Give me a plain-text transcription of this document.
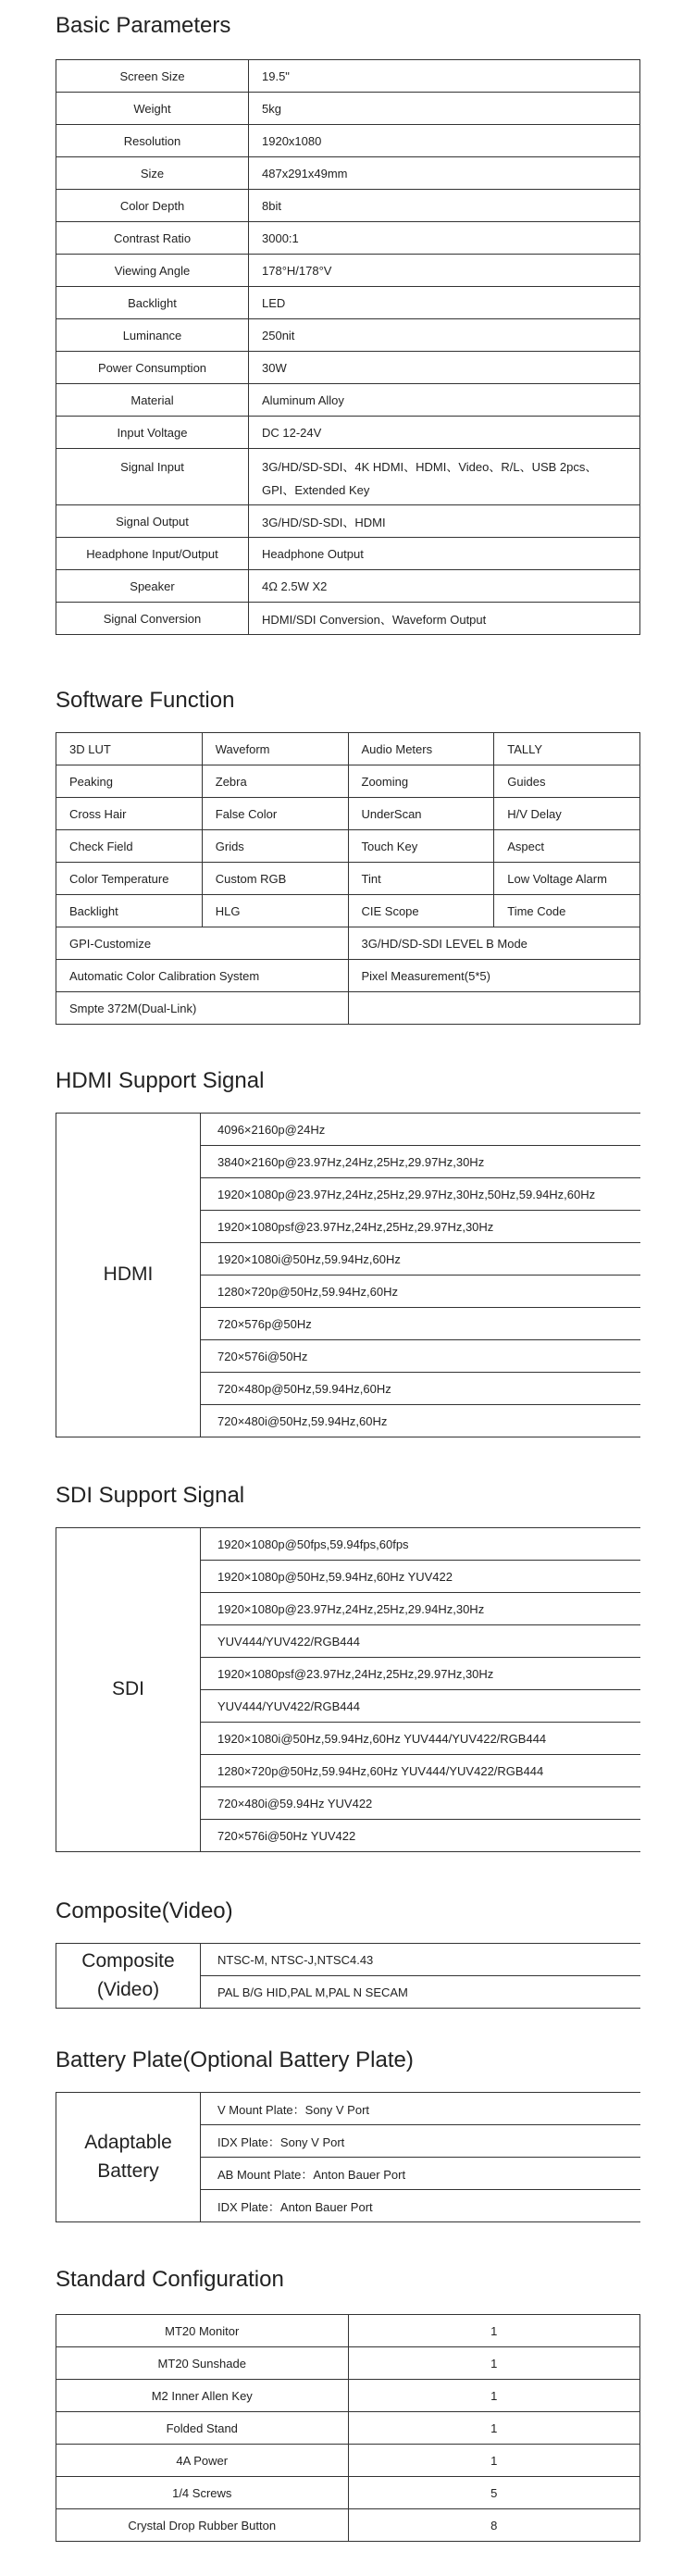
Basic Parameters
Screen Size	19.5"
Weight	5kg
Resolution	1920x1080
Size	487x291x49mm
Color Depth	8bit
Contrast Ratio	3000:1
Viewing Angle	178°H/178°V
Backlight	LED
Luminance	250nit
Power Consumption	30W
Material	Aluminum Alloy
Input Voltage	DC 12-24V
Signal Input	3G/HD/SD-SDI、4K HDMI、HDMI、Video、R/L、USB 2pcs、
GPI、Extended Key
Signal Output	3G/HD/SD-SDI、HDMI
Headphone Input/Output	Headphone Output
Speaker	4Ω 2.5W X2
Signal Conversion	HDMI/SDI Conversion、Waveform Output
Software Function
3D LUT	Waveform	Audio Meters	TALLY
Peaking	Zebra	Zooming	Guides
Cross Hair	False Color	UnderScan	H/V Delay
Check Field	Grids	Touch Key	Aspect
Color Temperature	Custom RGB	Tint	Low Voltage Alarm
Backlight	HLG	CIE Scope	Time Code
GPI-Customize		3G/HD/SD-SDI LEVEL B Mode	
Automatic Color Calibration System		Pixel Measurement(5*5)	
Smpte 372M(Dual-Link)			
HDMI Support Signal
HDMI	4096×2160p@24Hz
3840×2160p@23.97Hz,24Hz,25Hz,29.97Hz,30Hz
1920×1080p@23.97Hz,24Hz,25Hz,29.97Hz,30Hz,50Hz,59.94Hz,60Hz
1920×1080psf@23.97Hz,24Hz,25Hz,29.97Hz,30Hz
1920×1080i@50Hz,59.94Hz,60Hz
1280×720p@50Hz,59.94Hz,60Hz
720×576p@50Hz
720×576i@50Hz
720×480p@50Hz,59.94Hz,60Hz
720×480i@50Hz,59.94Hz,60Hz
SDI Support Signal
SDI	1920×1080p@50fps,59.94fps,60fps
1920×1080p@50Hz,59.94Hz,60Hz YUV422
1920×1080p@23.97Hz,24Hz,25Hz,29.94Hz,30Hz
YUV444/YUV422/RGB444
1920×1080psf@23.97Hz,24Hz,25Hz,29.97Hz,30Hz
YUV444/YUV422/RGB444
1920×1080i@50Hz,59.94Hz,60Hz YUV444/YUV422/RGB444
1280×720p@50Hz,59.94Hz,60Hz YUV444/YUV422/RGB444
720×480i@59.94Hz YUV422
720×576i@50Hz YUV422
Composite(Video)
Composite
(Video)	NTSC-M, NTSC-J,NTSC4.43
PAL B/G HID,PAL M,PAL N SECAM
Battery Plate(Optional Battery Plate)
Adaptable
Battery	V Mount Plate：Sony V Port
IDX Plate：Sony V Port
AB Mount Plate：Anton Bauer Port
IDX Plate：Anton Bauer Port
Standard Configuration
MT20 Monitor	1
MT20 Sunshade	1
M2 Inner Allen Key	1
Folded Stand	1
4A Power	1
1/4 Screws	5
Crystal Drop Rubber Button	8
